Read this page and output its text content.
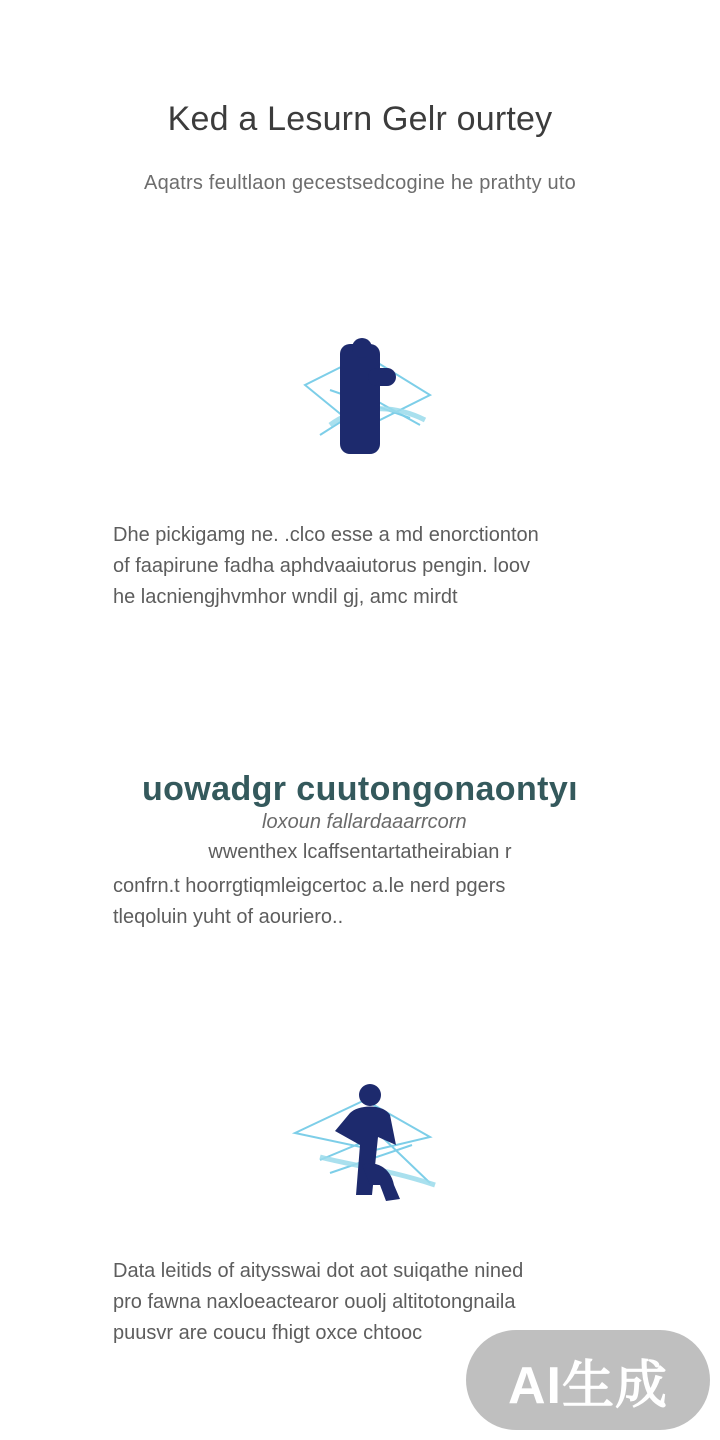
Ked a Lesurn Gelr ourtey
Aqatrs feultlaon gecestsedcogine he prathty uto
Dhe pickigamg ne. .clco esse a md enorctionton
of faapirune fadha aphdvaaiutorus pengin. loov
he lacniengjhvmhor wndil gj, amc mirdt
uowadgr cuutongonaontyı
loxoun fallardaaarrcorn
wwenthex lcaffsentartatheirabian r
confrn.t hoorrgtiqmleigcertoc a.le nerd pgers
tleqoluin yuht of aouriero..
Data leitids of aitysswai dot aot suiqathe nined
pro fawna naxloeactearor ouolj altitotongnaila
puusvr are coucu fhigt oxce chtooc
AI生成
